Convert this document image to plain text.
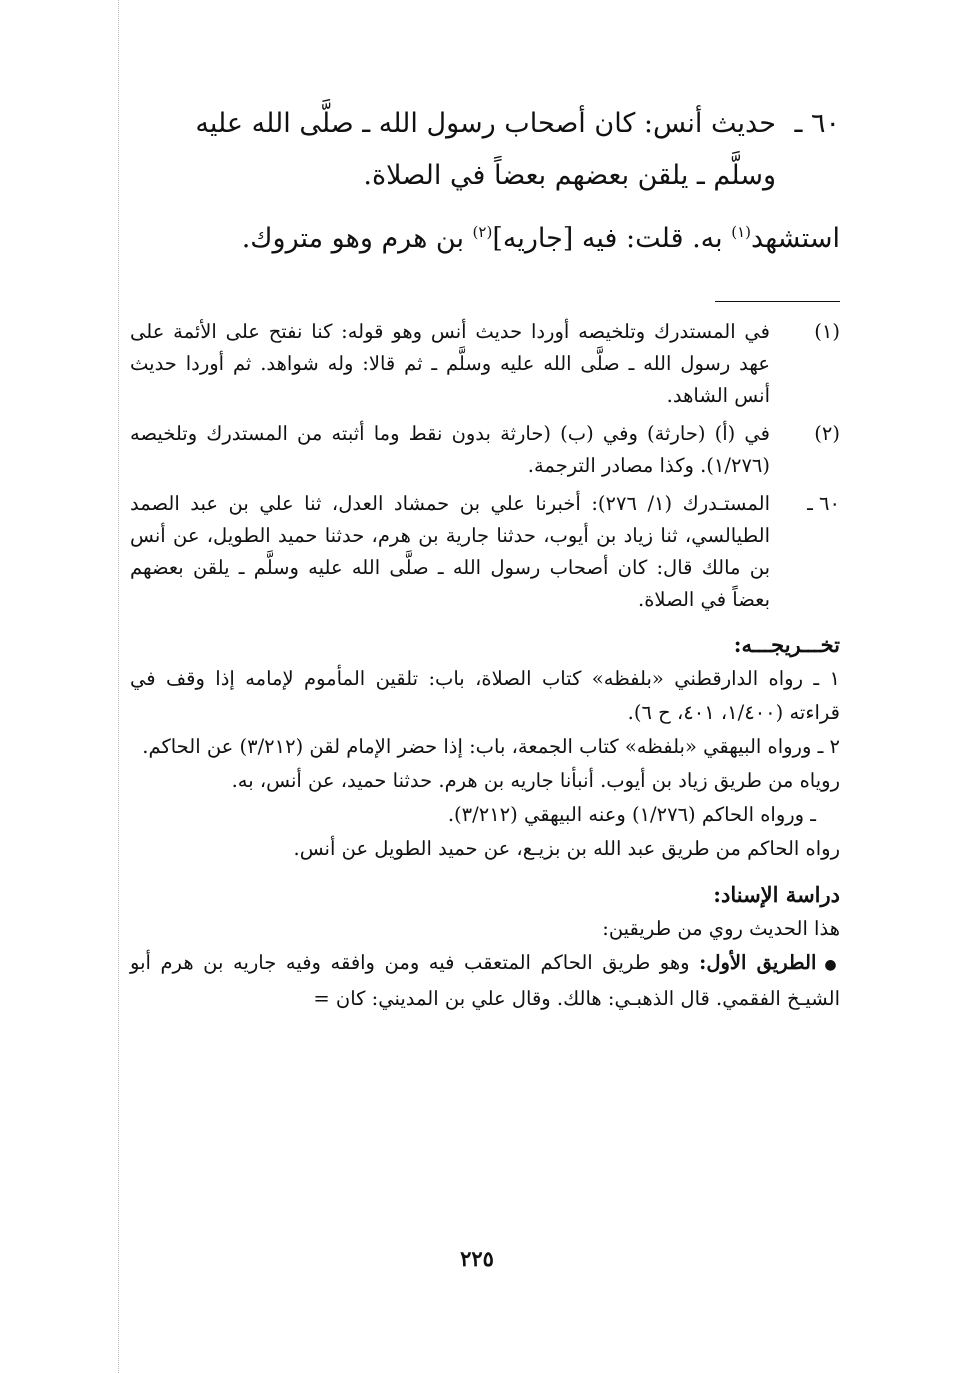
٦٠ ـ حديث أنس: كان أصحاب رسول الله ـ صلَّى الله عليه
وسلَّم ـ يلقن بعضهم بعضاً في الصلاة.

استشهد$^{(١)}$ به. قلت: فيه [جاريه]$^{(٢)}$ بن هرم وهو متروك.

(١)
في المستدرك وتلخيصه أوردا حديث أنس وهو قوله: كنا نفتح على الأئمة على عهد رسول الله ـ صلَّى الله عليه وسلَّم ـ ثم قالا: وله شواهد. ثم أوردا حديث أنس الشاهد.
(٢)
في (أ) (حارثة) وفي (ب) (حارثة بدون نقط وما أثبته من المستدرك وتلخيصه (١/٢٧٦). وكذا مصادر الترجمة.
٦٠ ـ
المستـدرك (١/ ٢٧٦): أخبرنا علي بن حمشاد العدل، ثنا علي بن عبد الصمد الطيالسي، ثنا زياد بن أيوب، حدثنا جارية بن هرم، حدثنا حميد الطويل، عن أنس بن مالك قال: كان أصحاب رسول الله ـ صلَّى الله عليه وسلَّم ـ يلقن بعضهم بعضاً في الصلاة.
تخـــريجـــه:

١ ـ رواه الدارقطني «بلفظه» كتاب الصلاة، باب: تلقين المأموم لإمامه إذا وقف في قراءته (١/٤٠٠، ٤٠١، ح ٦).

٢ ـ ورواه البيهقي «بلفظه» كتاب الجمعة، باب: إذا حضر الإمام لقن (٣/٢١٢) عن الحاكم.

روياه من طريق زياد بن أيوب. أنبأنا جاريه بن هرم. حدثنا حميد، عن أنس، به.

ـ ورواه الحاكم (١/٢٧٦) وعنه البيهقي (٣/٢١٢).

رواه الحاكم من طريق عبد الله بن بزيـع، عن حميد الطويل عن أنس.

دراسة الإسناد:

هذا الحديث روي من طريقين:

●الطريق الأول: وهو طريق الحاكم المتعقب فيه ومن وافقه وفيه جاريه بن هرم أبو الشيـخ الفقمي. قال الذهبـي: هالك. وقال علي بن المديني: كان =

٢٢٥
